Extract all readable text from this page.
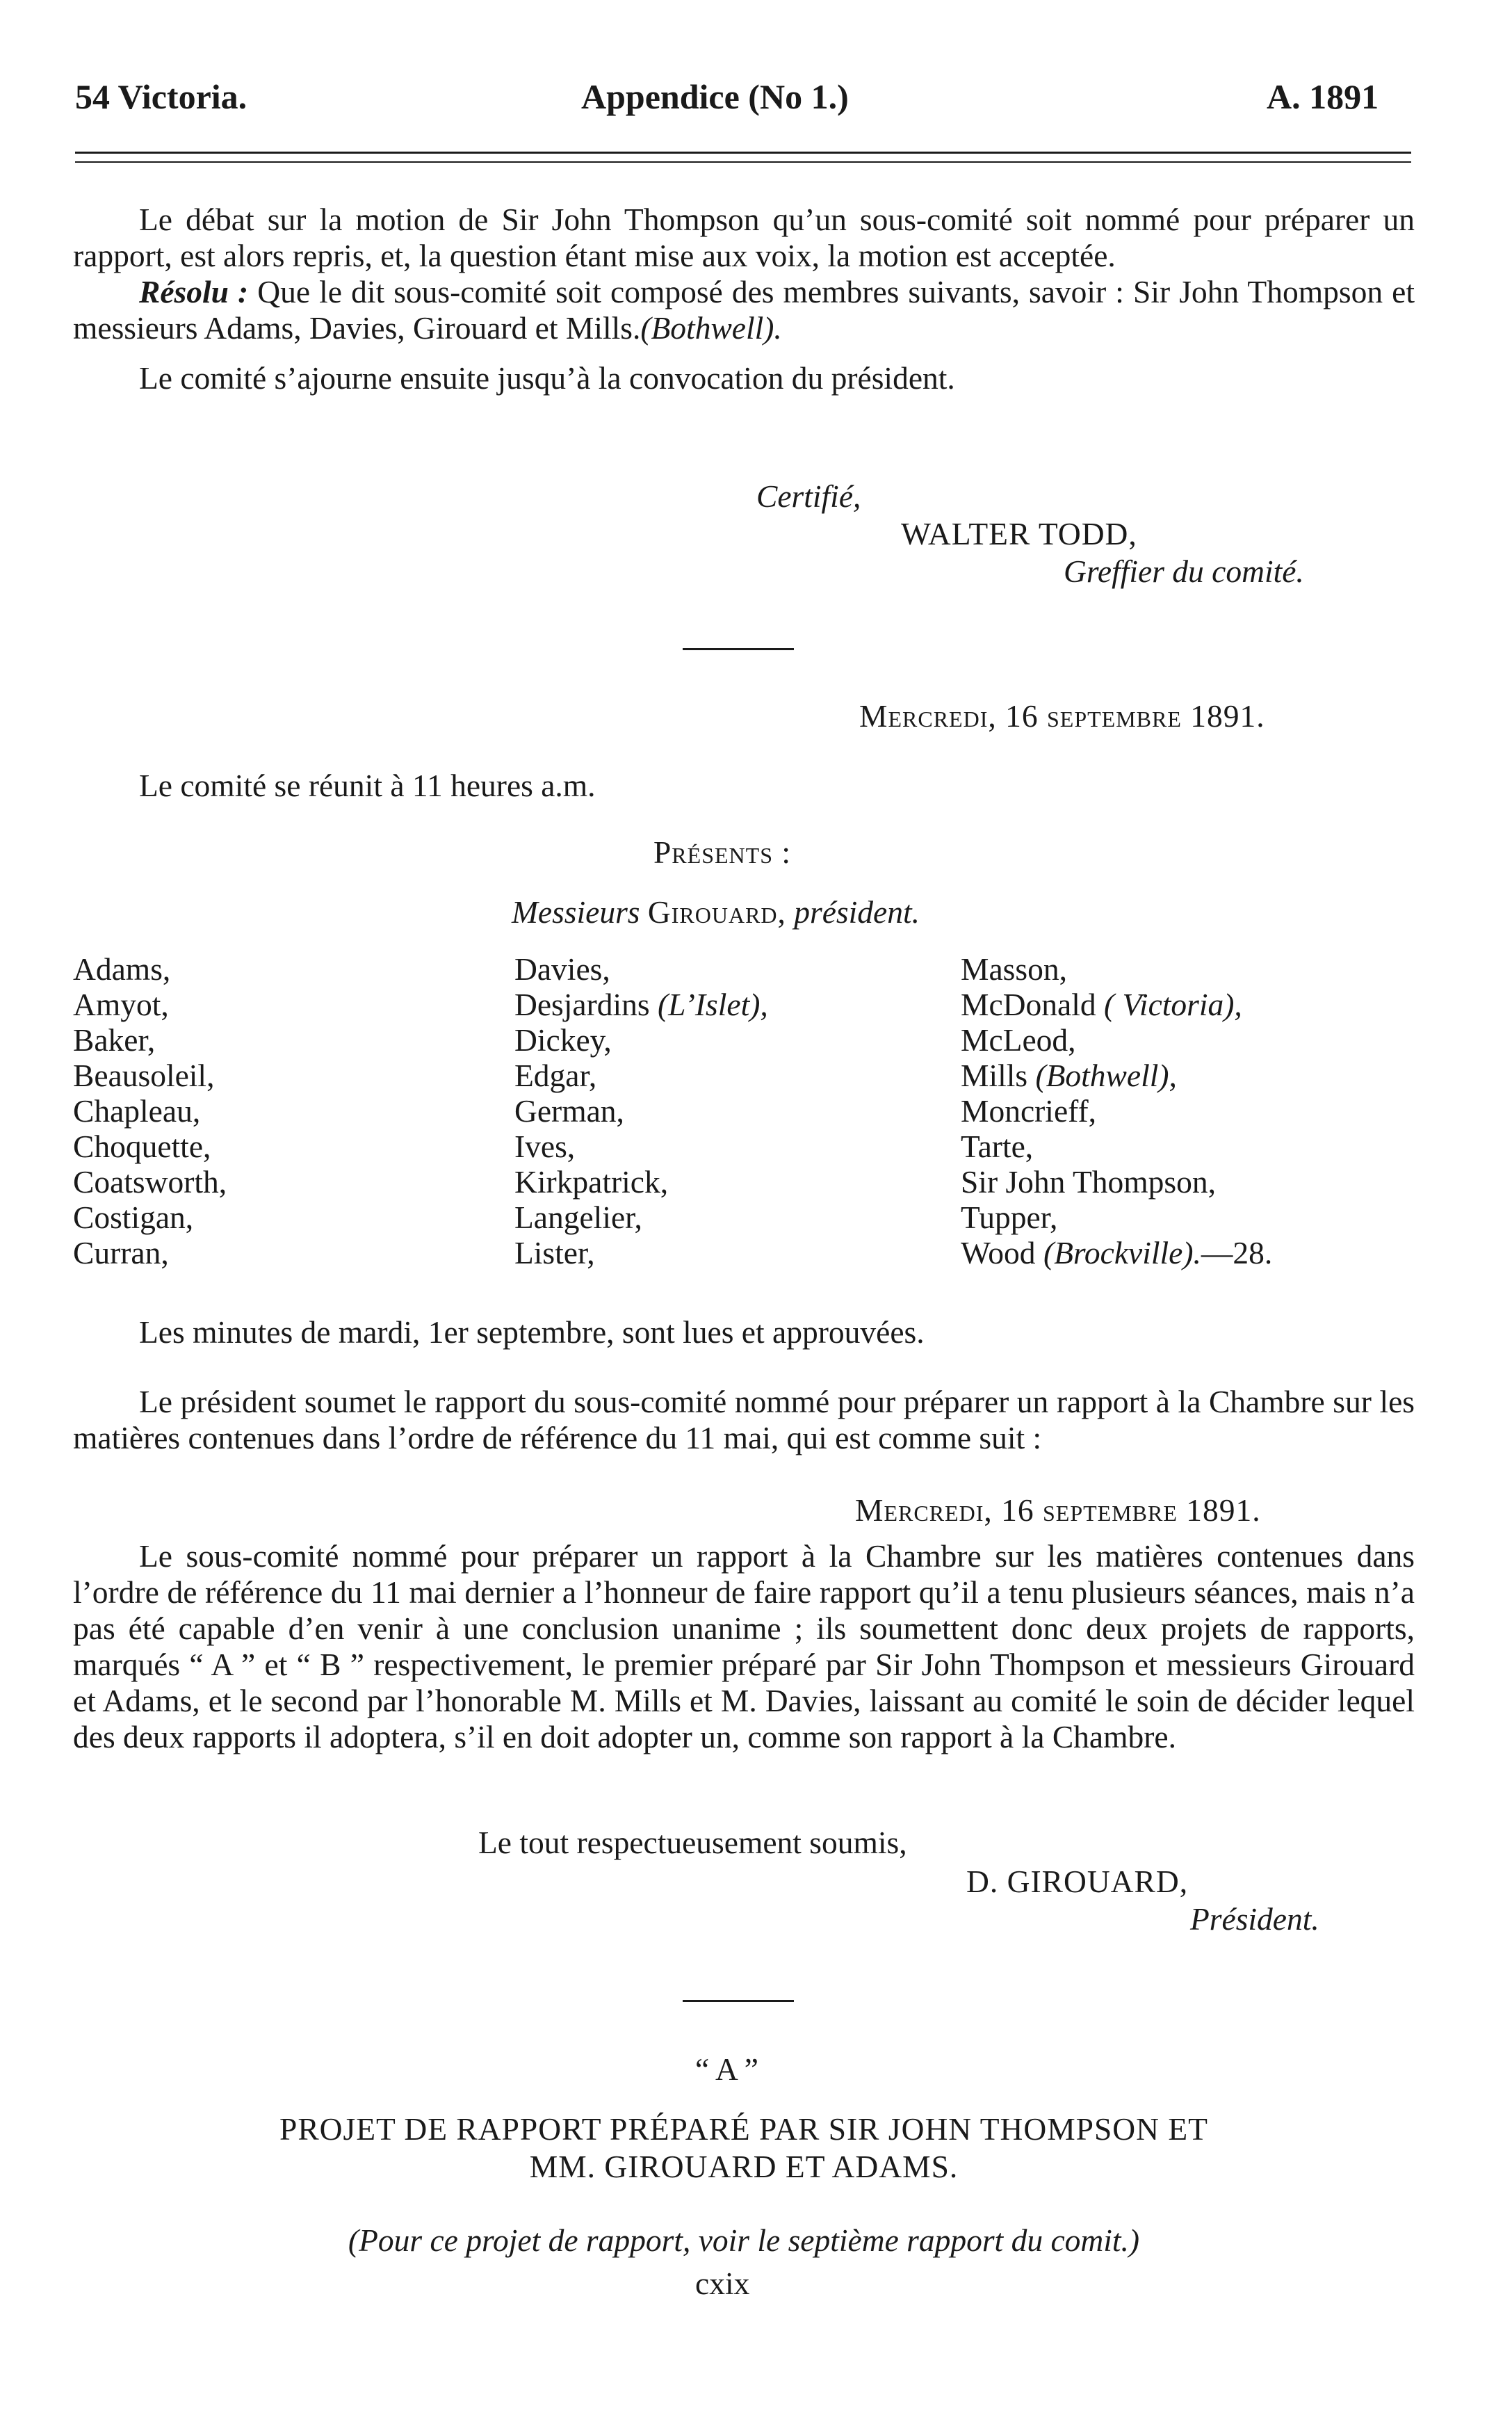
54 Victoria.	Appendice (No 1.)	A. 1891

Le débat sur la motion de Sir John Thompson qu’un sous-comité soit nommé pour préparer un rapport, est alors repris, et, la question étant mise aux voix, la motion est acceptée.

Résolu : Que le dit sous-comité soit composé des membres suivants, savoir : Sir John Thompson et messieurs Adams, Davies, Girouard et Mills.(Bothwell).

Le comité s’ajourne ensuite jusqu’à la convocation du président.

Certifié,
WALTER TODD,
Greffier du comité.
Mercredi, 16 septembre 1891.
Le comité se réunit à 11 heures a.m.
Présents :
Messieurs Girouard, président.
Adams,
Amyot,
Baker,
Beausoleil,
Chapleau,
Choquette,
Coatsworth,
Costigan,
Curran,
Davies,
Desjardins (L’Islet),
Dickey,
Edgar,
German,
Ives,
Kirkpatrick,
Langelier,
Lister,
Masson,
McDonald ( Victoria),
McLeod,
Mills (Bothwell),
Moncrieff,
Tarte,
Sir John Thompson,
Tupper,
Wood (Brockville).—28.

Les minutes de mardi, 1er septembre, sont lues et approuvées.

Le président soumet le rapport du sous-comité nommé pour préparer un rapport à la Chambre sur les matières contenues dans l’ordre de référence du 11 mai, qui est comme suit :

Mercredi, 16 septembre 1891.

Le sous-comité nommé pour préparer un rapport à la Chambre sur les matières contenues dans l’ordre de référence du 11 mai dernier a l’honneur de faire rapport qu’il a tenu plusieurs séances, mais n’a pas été capable d’en venir à une conclusion unanime ; ils soumettent donc deux projets de rapports, marqués “ A ” et “ B ” respectivement, le premier préparé par Sir John Thompson et messieurs Girouard et Adams, et le second par l’honorable M. Mills et M. Davies, laissant au comité le soin de décider lequel des deux rapports il adoptera, s’il en doit adopter un, comme son rapport à la Chambre.

Le tout respectueusement soumis,
D. GIROUARD,
Président.
“ A ”
PROJET DE RAPPORT PRÉPARÉ PAR SIR JOHN THOMPSON ET
MM. GIROUARD ET ADAMS.
(Pour ce projet de rapport, voir le septième rapport du comit.)
cxix
